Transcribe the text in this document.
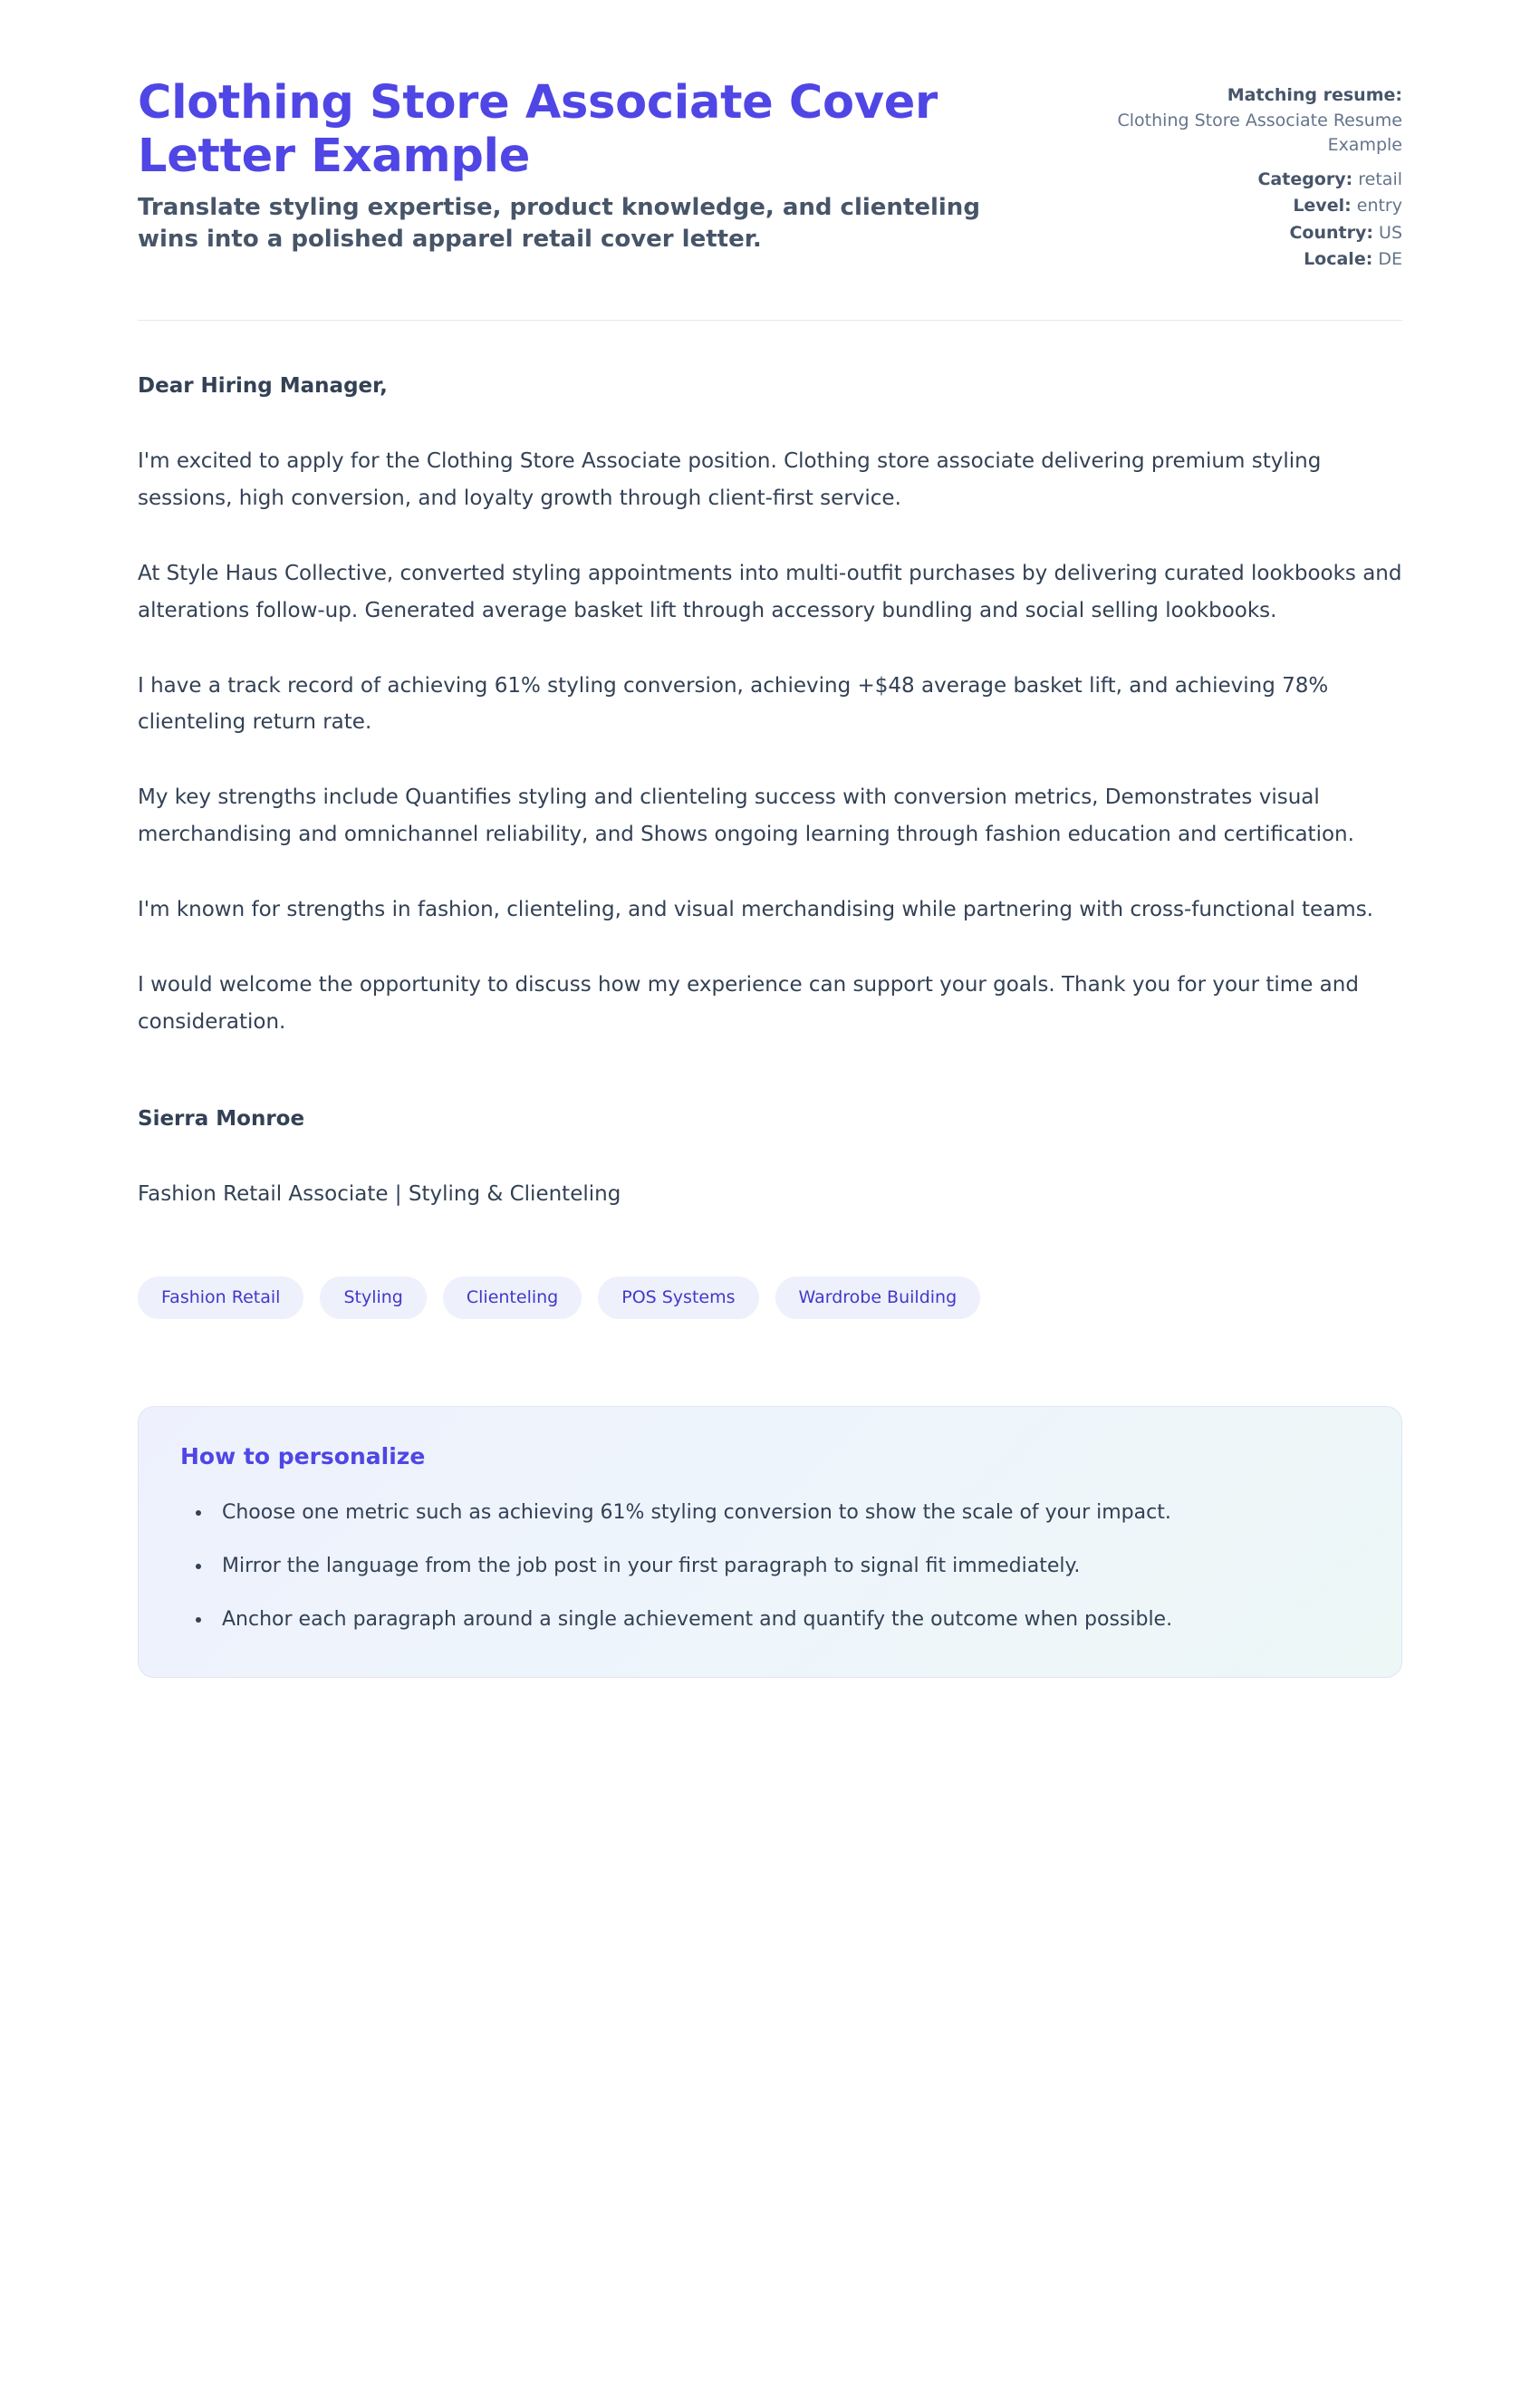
Clothing Store Associate Cover Letter Example

Translate styling expertise, product knowledge, and clienteling wins into a polished apparel retail cover letter.

Matching resume:
Clothing Store Associate Resume Example
Category: retail
Level: entry
Country: US
Locale: DE

Dear Hiring Manager,

I'm excited to apply for the Clothing Store Associate position. Clothing store associate delivering premium styling sessions, high conversion, and loyalty growth through client-first service.

At Style Haus Collective, converted styling appointments into multi-outfit purchases by delivering curated lookbooks and alterations follow-up. Generated average basket lift through accessory bundling and social selling lookbooks.

I have a track record of achieving 61% styling conversion, achieving +$48 average basket lift, and achieving 78% clienteling return rate.

My key strengths include Quantifies styling and clienteling success with conversion metrics, Demonstrates visual merchandising and omnichannel reliability, and Shows ongoing learning through fashion education and certification.

I'm known for strengths in fashion, clienteling, and visual merchandising while partnering with cross-functional teams.

I would welcome the opportunity to discuss how my experience can support your goals. Thank you for your time and consideration.

Sierra Monroe

Fashion Retail Associate | Styling & Clienteling

Fashion Retail	Styling	Clienteling	POS Systems	Wardrobe Building
How to personalize
• Choose one metric such as achieving 61% styling conversion to show the scale of your impact.
• Mirror the language from the job post in your first paragraph to signal fit immediately.
• Anchor each paragraph around a single achievement and quantify the outcome when possible.
